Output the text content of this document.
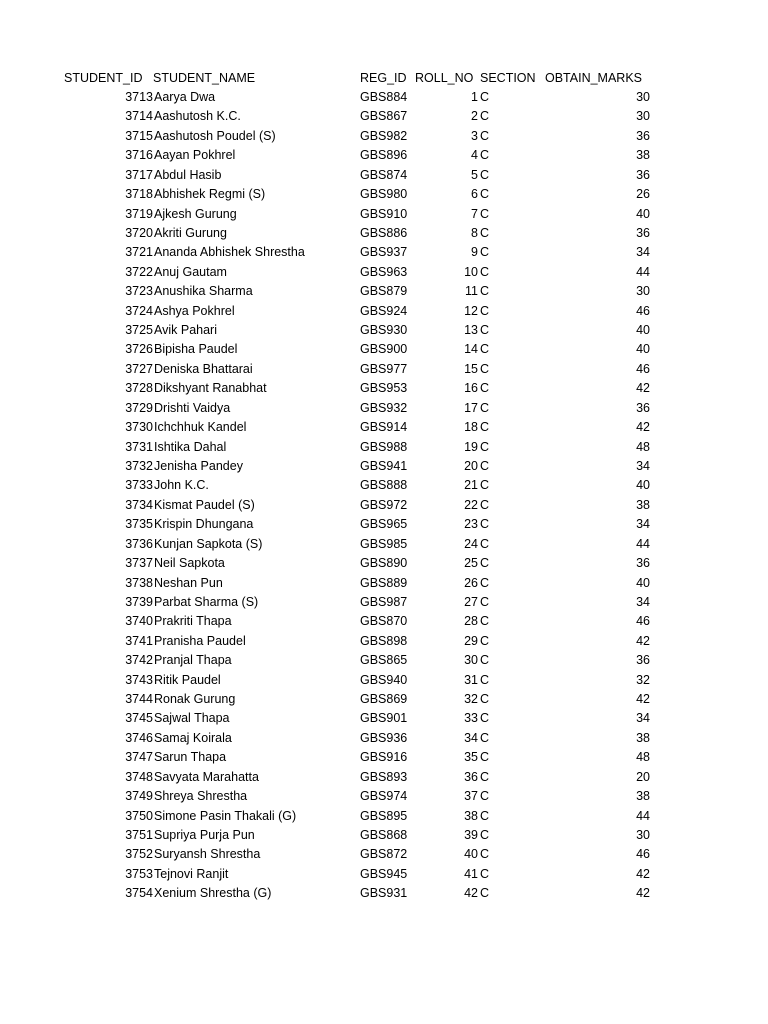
STUDENT_ID STUDENT_NAME	REG_ID ROLL_NO SECTION OBTAIN_MARKS
3713 Aarya Dwa	GBS884	1 C	30
3714 Aashutosh K.C.	GBS867	2 C	30
3715 Aashutosh Poudel (S)	GBS982	3 C	36
3716 Aayan Pokhrel	GBS896	4 C	38
3717 Abdul Hasib	GBS874	5 C	36
3718 Abhishek Regmi (S)	GBS980	6 C	26
3719 Ajkesh Gurung	GBS910	7 C	40
3720 Akriti Gurung	GBS886	8 C	36
3721 Ananda Abhishek Shrestha	GBS937	9 C	34
3722 Anuj Gautam	GBS963	10 C	44
3723 Anushika Sharma	GBS879	11 C	30
3724 Ashya Pokhrel	GBS924	12 C	46
3725 Avik Pahari	GBS930	13 C	40
3726 Bipisha Paudel	GBS900	14 C	40
3727 Deniska Bhattarai	GBS977	15 C	46
3728 Dikshyant Ranabhat	GBS953	16 C	42
3729 Drishti Vaidya	GBS932	17 C	36
3730 Ichchhuk Kandel	GBS914	18 C	42
3731 Ishtika Dahal	GBS988	19 C	48
3732 Jenisha Pandey	GBS941	20 C	34
3733 John K.C.	GBS888	21 C	40
3734 Kismat Paudel (S)	GBS972	22 C	38
3735 Krispin Dhungana	GBS965	23 C	34
3736 Kunjan Sapkota (S)	GBS985	24 C	44
3737 Neil Sapkota	GBS890	25 C	36
3738 Neshan Pun	GBS889	26 C	40
3739 Parbat Sharma (S)	GBS987	27 C	34
3740 Prakriti Thapa	GBS870	28 C	46
3741 Pranisha Paudel	GBS898	29 C	42
3742 Pranjal Thapa	GBS865	30 C	36
3743 Ritik Paudel	GBS940	31 C	32
3744 Ronak Gurung	GBS869	32 C	42
3745 Sajwal Thapa	GBS901	33 C	34
3746 Samaj Koirala	GBS936	34 C	38
3747 Sarun Thapa	GBS916	35 C	48
3748 Savyata Marahatta	GBS893	36 C	20
3749 Shreya Shrestha	GBS974	37 C	38
3750 Simone Pasin Thakali (G)	GBS895	38 C	44
3751 Supriya Purja Pun	GBS868	39 C	30
3752 Suryansh Shrestha	GBS872	40 C	46
3753 Tejnovi Ranjit	GBS945	41 C	42
3754 Xenium Shrestha (G)	GBS931	42 C	42
